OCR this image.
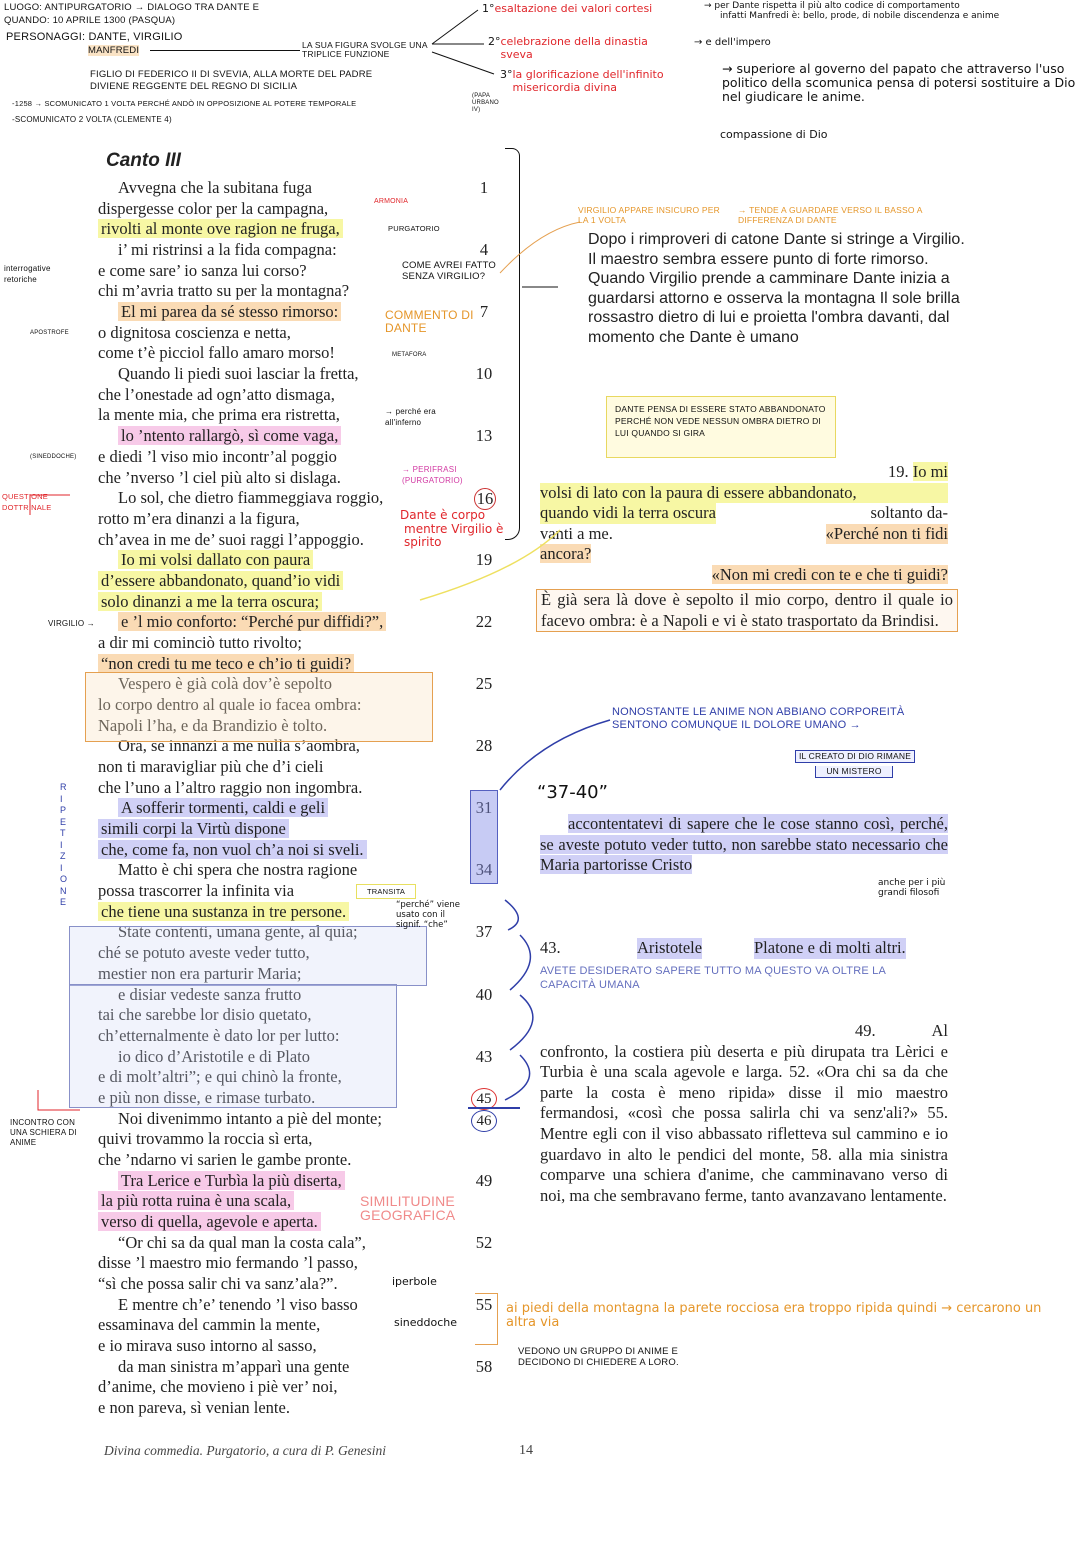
LUOGO: ANTIPURGATORIO → DIALOGO TRA DANTE E
QUANDO: 10 APRILE 1300 (PASQUA)
PERSONAGGI: DANTE, VIRGILIO
MANFREDI	LA SUA FIGURA SVOLGE UNA TRIPLICE FUNZIONE
FIGLIO DI FEDERICO II DI SVEVIA, ALLA MORTE DEL PADRE
DIVIENE REGGENTE DEL REGNO DI SICILIA
-1258 → SCOMUNICATO 1 VOLTA PERCHÉ ANDÒ IN OPPOSIZIONE AL POTERE TEMPORALE
(PAPA URBANO IV)
-SCOMUNICATO 2 VOLTA (CLEMENTE 4)
1°esaltazione dei valori cortesi	→ per Dante rispetta il più alto codice di comportamento
infatti Manfredi è: bello, prode, di nobile discendenza e anime
2°celebrazione della dinastia sveva
→ e dell'impero
3°la glorificazione dell'infinito misericordia divina
→ superiore al governo del papato che attraverso l'uso politico della scomunica pensa di potersi sostituire a Dio nel giudicare le anime.
compassione di Dio
Canto III
Avvegna che la subitana fuga	1
dispergesse color per la campagna,
rivolti al monte ove ragion ne fruga,
i’ mi ristrinsi a la fida compagna:	4
e come sare’ io sanza lui corso?
chi m’avria tratto su per la montagna?
El mi parea da sé stesso rimorso:	7
o dignitosa coscienza e netta,
come t’è picciol fallo amaro morso!
Quando li piedi suoi lasciar la fretta,	10
che l’onestade ad ogn’atto dismaga,
la mente mia, che prima era ristretta,
lo ’ntento rallargò, sì come vaga,	13
e diedi ’l viso mio incontr’al poggio
che ’nverso ’l ciel più alto si dislaga.
Lo sol, che dietro fiammeggiava roggio,	16
rotto m’era dinanzi a la figura,
ch’avea in me de’ suoi raggi l’appoggio.
Io mi volsi dallato con paura	19
d’essere abbandonato, quand’io vidi
solo dinanzi a me la terra oscura;
e ’l mio conforto: “Perché pur diffidi?”,	22
a dir mi cominciò tutto rivolto;
“non credi tu me teco e ch’io ti guidi?
Vespero è già colà dov’è sepolto	25
lo corpo dentro al quale io facea ombra:
Napoli l’ha, e da Brandizio è tolto.
Ora, se innanzi a me nulla s’aombra,	28
non ti maravigliar più che d’i cieli
che l’uno a l’altro raggio non ingombra.
A sofferir tormenti, caldi e geli	31
simili corpi la Virtù dispone
che, come fa, non vuol ch’a noi si sveli.
Matto è chi spera che nostra ragione	34
possa trascorrer la infinita via
che tiene una sustanza in tre persone.
State contenti, umana gente, al quia;	37
ché se potuto aveste veder tutto,
mestier non era parturir Maria;
e disiar vedeste sanza frutto	40
tai che sarebbe lor disio quetato,
ch’etternalmente è dato lor per lutto:
io dico d’Aristotile e di Plato	43
e di molt’altri”; e qui chinò la fronte,
e più non disse, e rimase turbato.
Noi divenimmo intanto a piè del monte;
quivi trovammo la roccia sì erta,
che ’ndarno vi sarien le gambe pronte.
Tra Lerice e Turbìa la più diserta,	49
la più rotta ruina è una scala,
verso di quella, agevole e aperta.
“Or chi sa da qual man la costa cala”,	52
disse ’l maestro mio fermando ’l passo,
“sì che possa salir chi va sanz’ala?”.
E mentre ch’e’ tenendo ’l viso basso	55
essaminava del cammin la mente,
e io mirava suso intorno al sasso,
da man sinistra m’apparì una gente	58
d’anime, che movieno i piè ver’ noi,
e non pareva, sì venian lente.
45
46
ARMONIA
PURGATORIO
interrogative retoriche
COME AVREI FATTO SENZA VIRGILIO?
COMMENTO DI DANTE
APOSTROFE
METAFORA
→ perché era all'inferno
(SINEDDOCHE)
→ PERIFRASI (PURGATORIO)
QUESTIONE DOTTRINALE
Dante è corpo
mentre Virgilio è spirito
VIRGILIO →
TRANSITA
R I P E T I Z I O N E	“perché” viene usato con il signif. “che”
AVETE DESIDERATO SAPERE TUTTO MA QUESTO VA OLTRE LA CAPACITÀ UMANA
INCONTRO CON UNA SCHIERA DI ANIME
SIMILITUDINE GEOGRAFICA
iperbole
sineddoche
VIRGILIO APPARE INSICURO PER LA 1 VOLTA
→ TENDE A GUARDARE VERSO IL BASSO A DIFFERENZA DI DANTE
Dopo i rimproveri di catone Dante si stringe a Virgilio. Il maestro sembra essere punto di forte rimorso. Quando Virgilio prende a camminare Dante inizia a guardarsi attorno e osserva la montagna Il sole brilla rossastro dietro di lui e proietta l'ombra davanti, dal momento che Dante è umano
DANTE PENSA DI ESSERE STATO ABBANDONATO PERCHÉ NON VEDE NESSUN OMBRA DIETRO DI LUI QUANDO SI GIRA
19. Io mi
volsi di lato con la paura di essere abbandonato,
quando vidi la terra oscura	soltanto da-
vanti a me.	«Perché non ti fidi
ancora?
«Non mi credi con te e che ti guidi?
È già sera là dove è sepolto il mio corpo, dentro il quale io facevo ombra: è a Napoli e vi è stato trasportato da Brindisi.
NONOSTANTE LE ANIME NON ABBIANO CORPOREITÀ SENTONO COMUNQUE IL DOLORE UMANO →
IL CREATO DI DIO RIMANE
UN MISTERO
“37-40”
accontentatevi di sapere che le cose stanno così, perché, se aveste potuto veder tutto, non sarebbe stato necessario che Maria partorisse Cristo
anche per i più grandi filosofi
43.	Aristotele	Platone e di molti altri.
49. Al confronto, la costiera più deserta e più dirupata tra Lèrici e Turbia è una scala agevole e larga. 52. «Ora chi sa da che parte la costa è meno ripida» disse il mio maestro fermandosi, «così che possa salirla chi va senz'ali?» 55. Mentre egli con il viso abbassato rifletteva sul cammino e io guardavo in alto le pendici del monte, 58. alla mia sinistra comparve una schiera d'anime, che camminavano verso di noi, ma che sembravano ferme, tanto avanzavano lentamente.
ai piedi della montagna la parete rocciosa era troppo ripida quindi → cercarono un altra via
VEDONO UN GRUPPO DI ANIME E DECIDONO DI CHIEDERE A LORO.
Divina commedia. Purgatorio, a cura di P. Genesini	14
